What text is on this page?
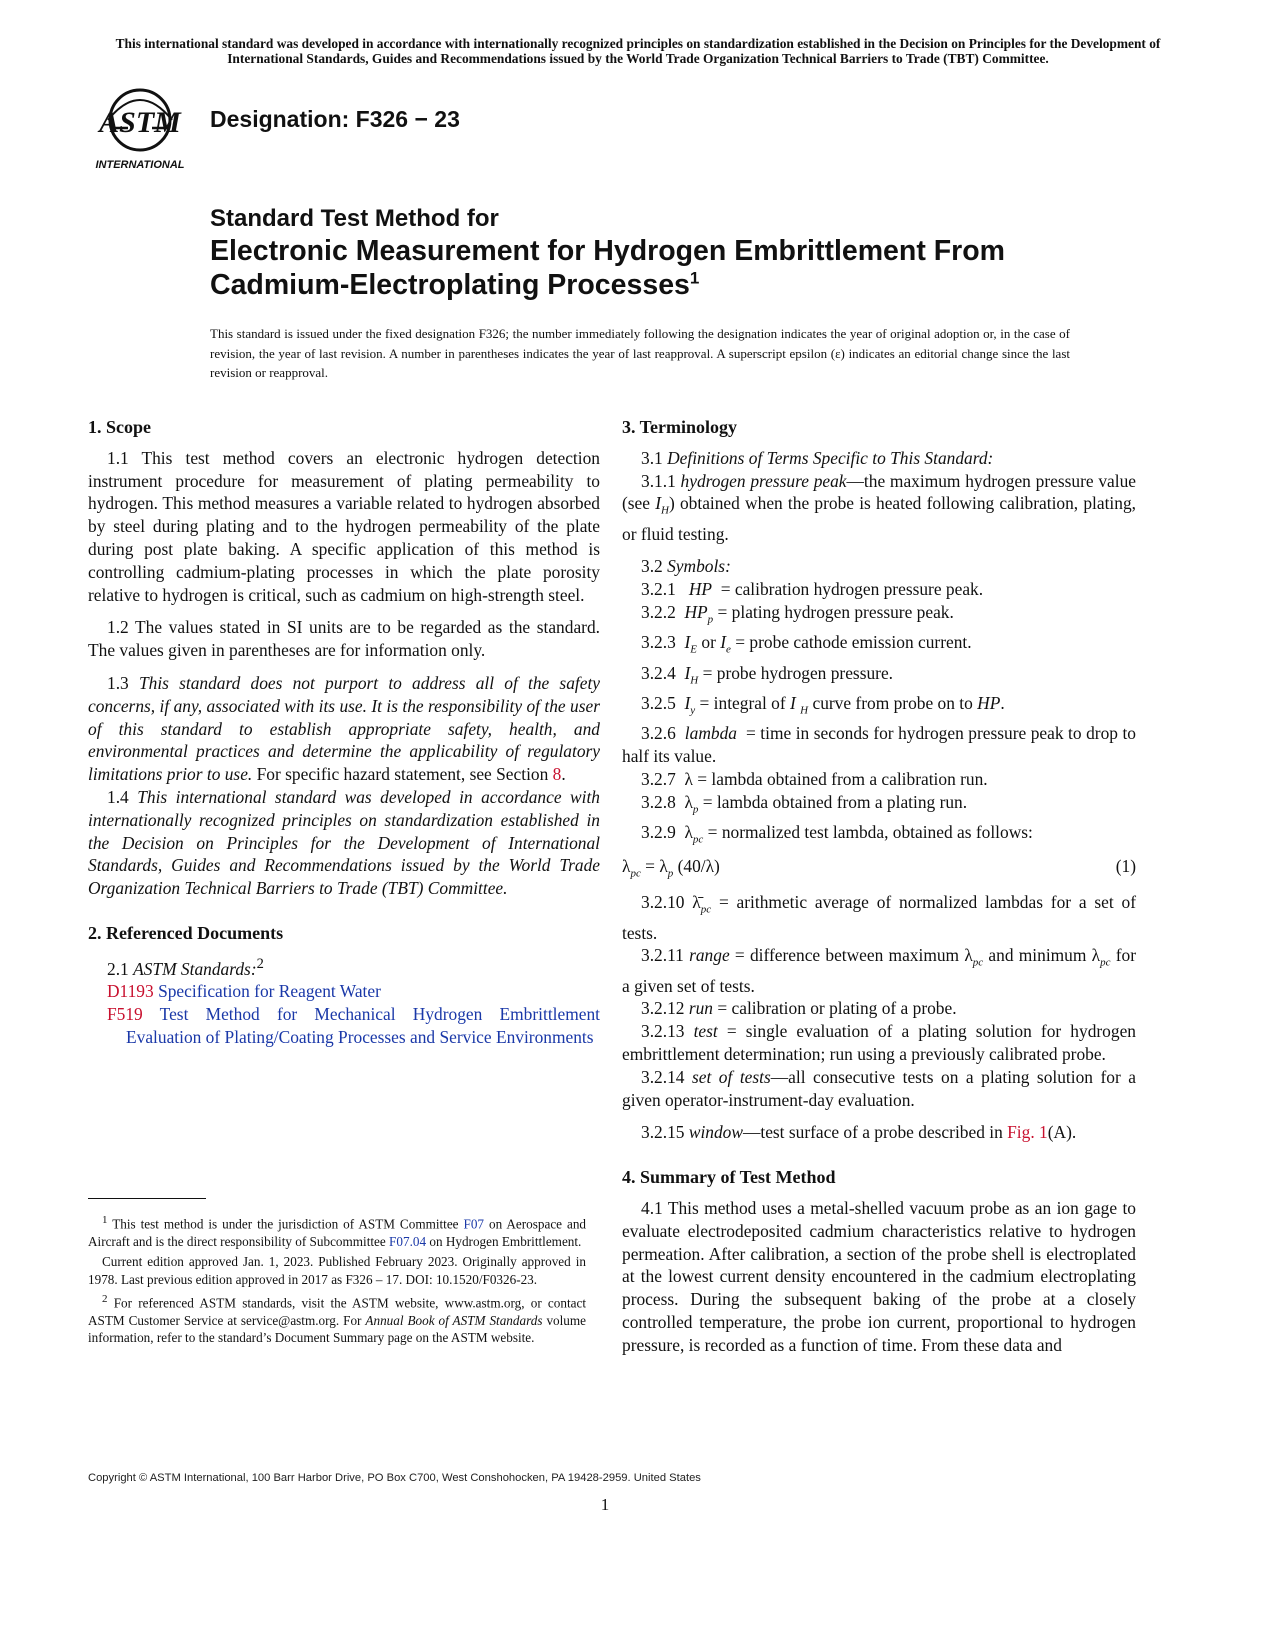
This international standard was developed in accordance with internationally recognized principles on standardization established in the Decision on Principles for the Development of International Standards, Guides and Recommendations issued by the World Trade Organization Technical Barriers to Trade (TBT) Committee.
ASTM
INTERNATIONAL
Designation: F326 − 23
Standard Test Method for
Electronic Measurement for Hydrogen Embrittlement From
Cadmium-Electroplating Processes$^1$
This standard is issued under the fixed designation F326; the number immediately following the designation indicates the year of original adoption or, in the case of revision, the year of last revision. A number in parentheses indicates the year of last reapproval. A superscript epsilon (ε) indicates an editorial change since the last revision or reapproval.

1. Scope

1.1 This test method covers an electronic hydrogen detection instrument procedure for measurement of plating permeability to hydrogen. This method measures a variable related to hydrogen absorbed by steel during plating and to the hydrogen permeability of the plate during post plate baking. A specific application of this method is controlling cadmium-plating processes in which the plate porosity relative to hydrogen is critical, such as cadmium on high-strength steel.

1.2 The values stated in SI units are to be regarded as the standard. The values given in parentheses are for information only.

1.3 This standard does not purport to address all of the safety concerns, if any, associated with its use. It is the responsibility of the user of this standard to establish appropriate safety, health, and environmental practices and determine the applicability of regulatory limitations prior to use. For specific hazard statement, see Section 8.

1.4 This international standard was developed in accordance with internationally recognized principles on standardization established in the Decision on Principles for the Development of International Standards, Guides and Recommendations issued by the World Trade Organization Technical Barriers to Trade (TBT) Committee.

2. Referenced Documents

2.1 ASTM Standards:$^2$

D1193 Specification for Reagent Water

F519 Test Method for Mechanical Hydrogen Embrittlement Evaluation of Plating/Coating Processes and Service Environments

$^1$ This test method is under the jurisdiction of ASTM Committee F07 on Aerospace and Aircraft and is the direct responsibility of Subcommittee F07.04 on Hydrogen Embrittlement.

Current edition approved Jan. 1, 2023. Published February 2023. Originally approved in 1978. Last previous edition approved in 2017 as F326 – 17. DOI: 10.1520/F0326-23.

$^2$ For referenced ASTM standards, visit the ASTM website, www.astm.org, or contact ASTM Customer Service at service@astm.org. For Annual Book of ASTM Standards volume information, refer to the standard’s Document Summary page on the ASTM website.

3. Terminology

3.1 Definitions of Terms Specific to This Standard:

3.1.1 hydrogen pressure peak—the maximum hydrogen pressure value (see $I_H$) obtained when the probe is heated following calibration, plating, or fluid testing.

3.2 Symbols:

3.2.1 HP = calibration hydrogen pressure peak.

3.2.2 $HP_p$ = plating hydrogen pressure peak.

3.2.3 $I_E$ or $I_e$ = probe cathode emission current.

3.2.4 $I_H$ = probe hydrogen pressure.

3.2.5 $I_y$ = integral of I $_H$ curve from probe on to HP.

3.2.6 lambda = time in seconds for hydrogen pressure peak to drop to half its value.

3.2.7 λ = lambda obtained from a calibration run.

3.2.8 $\lambda_p$ = lambda obtained from a plating run.

3.2.9 $\lambda_{pc}$ = normalized test lambda, obtained as follows:

$\lambda_{pc} = \lambda_p$ (40/λ)	(1)

3.2.10 $\lambdā_{pc}$ = arithmetic average of normalized lambdas for a set of tests.

3.2.11 range = difference between maximum $\lambda_{pc}$ and minimum $\lambda_{pc}$ for a given set of tests.

3.2.12 run = calibration or plating of a probe.

3.2.13 test = single evaluation of a plating solution for hydrogen embrittlement determination; run using a previously calibrated probe.

3.2.14 set of tests—all consecutive tests on a plating solution for a given operator-instrument-day evaluation.

3.2.15 window—test surface of a probe described in Fig. 1(A).

4. Summary of Test Method

4.1 This method uses a metal-shelled vacuum probe as an ion gage to evaluate electrodeposited cadmium characteristics relative to hydrogen permeation. After calibration, a section of the probe shell is electroplated at the lowest current density encountered in the cadmium electroplating process. During the subsequent baking of the probe at a closely controlled temperature, the probe ion current, proportional to hydrogen pressure, is recorded as a function of time. From these data and

Copyright © ASTM International, 100 Barr Harbor Drive, PO Box C700, West Conshohocken, PA 19428-2959. United States
1
